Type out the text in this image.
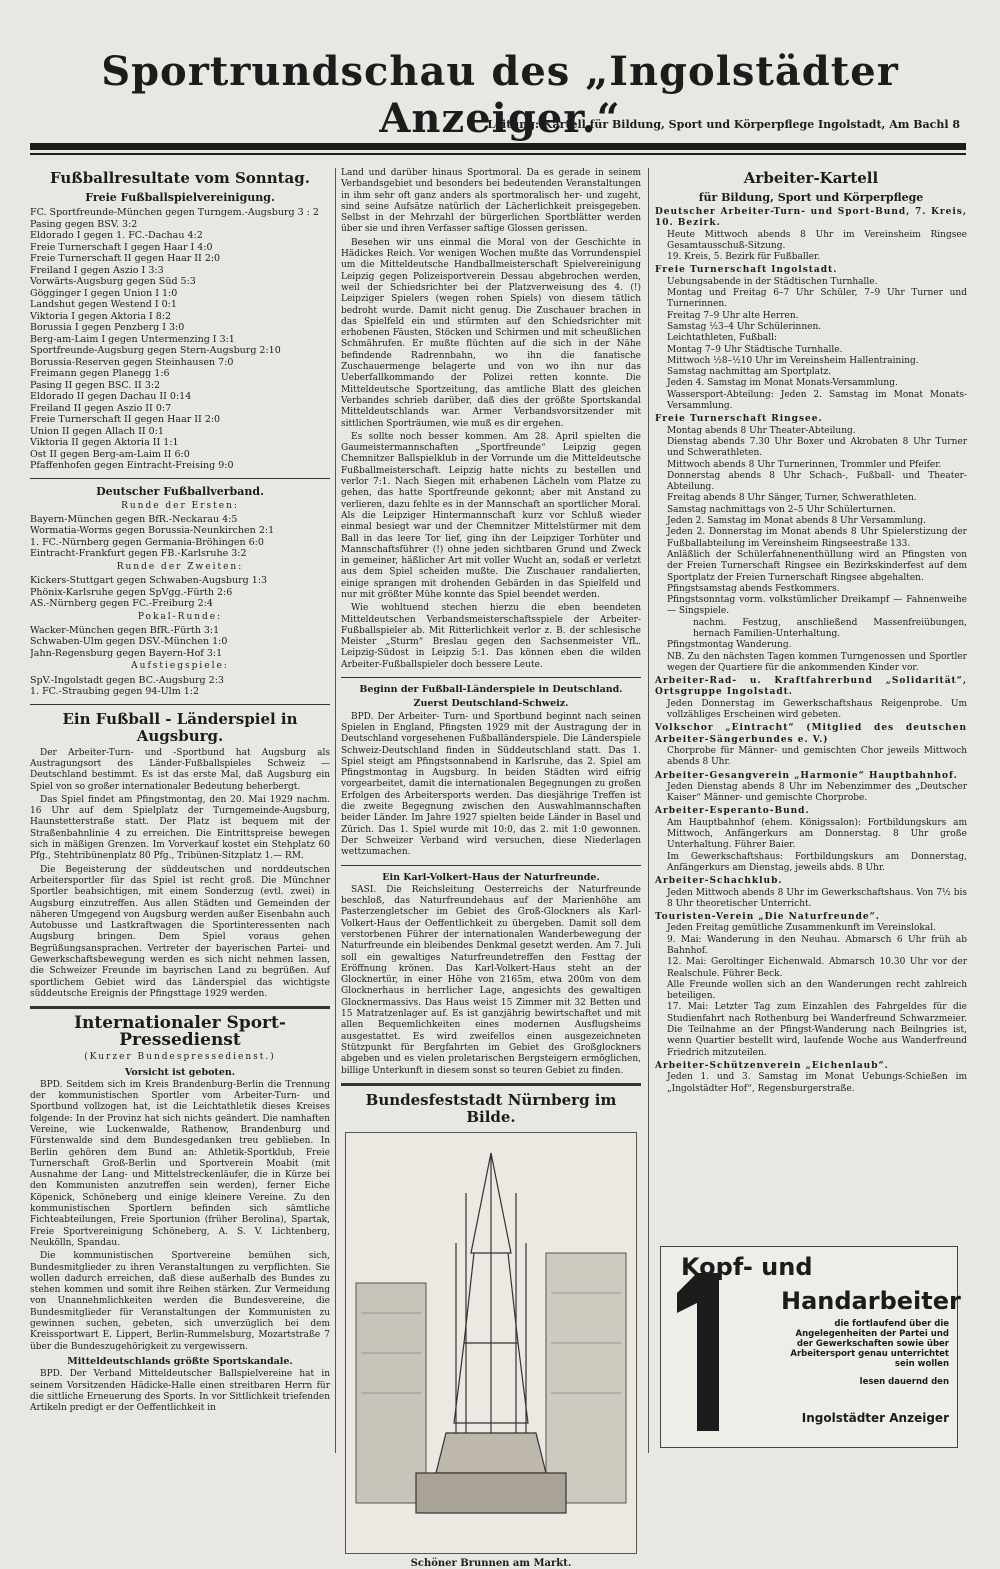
Sportrundschau des „Ingolstädter Anzeiger.“
Leitung: Kartell für Bildung, Sport und Körperpflege Ingolstadt, Am Bachl 8
Fußballresultate vom Sonntag.
Freie Fußballspielvereinigung.
FC. Sportfreunde-München gegen Turngem.-Augsburg 3 : 2
Pasing gegen BSV. 3:2
Eldorado I gegen 1. FC.-Dachau 4:2
Freie Turnerschaft I gegen Haar I 4:0
Freie Turnerschaft II gegen Haar II 2:0
Freiland I gegen Aszio I 3:3
Vorwärts-Augsburg gegen Süd 5:3
Gögginger I gegen Union I 1:0
Landshut gegen Westend I 0:1
Viktoria I gegen Aktoria I 8:2
Borussia I gegen Penzberg I 3:0
Berg-am-Laim I gegen Untermenzing I 3:1
Sportfreunde-Augsburg gegen Stern-Augsburg 2:10
Borussia-Reserven gegen Steinhausen 7:0
Freimann gegen Planegg 1:6
Pasing II gegen BSC. II 3:2
Eldorado II gegen Dachau II 0:14
Freiland II gegen Aszio II 0:7
Freie Turnerschaft II gegen Haar II 2:0
Union II gegen Allach II 0:1
Viktoria II gegen Aktoria II 1:1
Ost II gegen Berg-am-Laim II 6:0
Pfaffenhofen gegen Eintracht-Freising 9:0
Deutscher Fußballverband.
Runde der Ersten:
Bayern-München gegen BfR.-Neckarau 4:5
Wormatia-Worms gegen Borussia-Neunkirchen 2:1
1. FC.-Nürnberg gegen Germania-Bröhingen 6:0
Eintracht-Frankfurt gegen FB.-Karlsruhe 3:2
Runde der Zweiten:
Kickers-Stuttgart gegen Schwaben-Augsburg 1:3
Phönix-Karlsruhe gegen SpVgg.-Fürth 2:6
AS.-Nürnberg gegen FC.-Freiburg 2:4
Pokal-Runde:
Wacker-München gegen BfR.-Fürth 3:1
Schwaben-Ulm gegen DSV.-München 1:0
Jahn-Regensburg gegen Bayern-Hof 3:1
Aufstiegspiele:
SpV.-Ingolstadt gegen BC.-Augsburg 2:3
1. FC.-Straubing gegen 94-Ulm 1:2
Ein Fußball - Länderspiel in Augsburg.

Der Arbeiter-Turn- und -Sportbund hat Augsburg als Austragungsort des Länder-Fußballspieles Schweiz — Deutschland bestimmt. Es ist das erste Mal, daß Augsburg ein Spiel von so großer internationaler Bedeutung beherbergt.

Das Spiel findet am Pfingstmontag, den 20. Mai 1929 nachm. 16 Uhr auf dem Spielplatz der Turngemeinde-Augsburg, Haunstetterstraße statt. Der Platz ist bequem mit der Straßenbahnlinie 4 zu erreichen. Die Eintrittspreise bewegen sich in mäßigen Grenzen. Im Vorverkauf kostet ein Stehplatz 60 Pfg., Stehtribünenplatz 80 Pfg., Tribünen-Sitzplatz 1.— RM.

Die Begeisterung der süddeutschen und norddeutschen Arbeitersportler für das Spiel ist recht groß. Die Münchner Sportler beabsichtigen, mit einem Sonderzug (evtl. zwei) in Augsburg einzutreffen. Aus allen Städten und Gemeinden der näheren Umgegend von Augsburg werden außer Eisenbahn auch Autobusse und Lastkraftwagen die Sportinteressenten nach Augsburg bringen. Dem Spiel voraus gehen Begrüßungsansprachen. Vertreter der bayerischen Partei- und Gewerkschaftsbewegung werden es sich nicht nehmen lassen, die Schweizer Freunde im bayrischen Land zu begrüßen. Auf sportlichem Gebiet wird das Länderspiel das wichtigste süddeutsche Ereignis der Pfingsttage 1929 werden.

Internationaler Sport-Pressedienst
(Kurzer Bundespressedienst.)
Vorsicht ist geboten.

BPD. Seitdem sich im Kreis Brandenburg-Berlin die Trennung der kommunistischen Sportler vom Arbeiter-Turn- und Sportbund vollzogen hat, ist die Leichtathletik dieses Kreises folgende: In der Provinz hat sich nichts geändert. Die namhaften Vereine, wie Luckenwalde, Rathenow, Brandenburg und Fürstenwalde sind dem Bundesgedanken treu geblieben. In Berlin gehören dem Bund an: Athletik-Sportklub, Freie Turnerschaft Groß-Berlin und Sportverein Moabit (mit Ausnahme der Lang- und Mittelstreckenläufer, die in Kürze bei den Kommunisten anzutreffen sein werden), ferner Eiche Köpenick, Schöneberg und einige kleinere Vereine. Zu den kommunistischen Sportlern befinden sich sämtliche Fichteabteilungen, Freie Sportunion (früher Berolina), Spartak, Freie Sportvereinigung Schöneberg, A. S. V. Lichtenberg, Neukölln, Spandau.

Die kommunistischen Sportvereine bemühen sich, Bundesmitglieder zu ihren Veranstaltungen zu verpflichten. Sie wollen dadurch erreichen, daß diese außerhalb des Bundes zu stehen kommen und somit ihre Reihen stärken. Zur Vermeidung von Unannehmlichkeiten werden die Bundesvereine, die Bundesmitglieder für Veranstaltungen der Kommunisten zu gewinnen suchen, gebeten, sich unverzüglich bei dem Kreissportwart E. Lippert, Berlin-Rummelsburg, Mozartstraße 7 über die Bundeszugehörigkeit zu vergewissern.

Mitteldeutschlands größte Sportskandale.

BPD. Der Verband Mitteldeutscher Ballspielvereine hat in seinem Vorsitzenden Hädicke-Halle einen streitbaren Herrn für die sittliche Erneuerung des Sports. In vor Sittlichkeit triefenden Artikeln predigt er der Oeffentlichkeit in

Land und darüber hinaus Sportmoral. Da es gerade in seinem Verbandsgebiet und besonders bei bedeutenden Veranstaltungen in ihm sehr oft ganz anders als sportmoralisch her- und zugeht, sind seine Aufsätze natürlich der Lächerlichkeit preisgegeben. Selbst in der Mehrzahl der bürgerlichen Sportblätter werden über sie und ihren Verfasser saftige Glossen gerissen.

Besehen wir uns einmal die Moral von der Geschichte in Hädickes Reich. Vor wenigen Wochen mußte das Vorrundenspiel um die Mitteldeutsche Handballmeisterschaft Spielvereinigung Leipzig gegen Polizeisportverein Dessau abgebrochen werden, weil der Schiedsrichter bei der Platzverweisung des 4. (!) Leipziger Spielers (wegen rohen Spiels) von diesem tätlich bedroht wurde. Damit nicht genug. Die Zuschauer brachen in das Spielfeld ein und stürmten auf den Schiedsrichter mit erhobenen Fäusten, Stöcken und Schirmen und mit scheußlichen Schmährufen. Er mußte flüchten auf die sich in der Nähe befindende Radrennbahn, wo ihn die fanatische Zuschauermenge belagerte und von wo ihn nur das Ueberfallkommando der Polizei retten konnte. Die Mitteldeutsche Sportzeitung, das amtliche Blatt des gleichen Verbandes schrieb darüber, daß dies der größte Sportskandal Mitteldeutschlands war. Armer Verbandsvorsitzender mit sittlichen Sporträumen, wie muß es dir ergehen.

Es sollte noch besser kommen. Am 28. April spielten die Gaumeistermannschaften „Sportfreunde“ Leipzig gegen Chemnitzer Ballspielklub in der Vorrunde um die Mitteldeutsche Fußballmeisterschaft. Leipzig hatte nichts zu bestellen und verlor 7:1. Nach Siegen mit erhabenen Lächeln vom Platze zu gehen, das hatte Sportfreunde gekonnt; aber mit Anstand zu verlieren, dazu fehlte es in der Mannschaft an sportlicher Moral. Als die Leipziger Hintermannschaft kurz vor Schluß wieder einmal besiegt war und der Chemnitzer Mittelstürmer mit dem Ball in das leere Tor lief, ging ihn der Leipziger Torhüter und Mannschaftsführer (!) ohne jeden sichtbaren Grund und Zweck in gemeiner, häßlicher Art mit voller Wucht an, sodaß er verletzt aus dem Spiel scheiden mußte. Die Zuschauer randalierten, einige sprangen mit drohenden Gebärden in das Spielfeld und nur mit größter Mühe konnte das Spiel beendet werden.

Wie wohltuend stechen hierzu die eben beendeten Mitteldeutschen Verbandsmeisterschaftsspiele der Arbeiter-Fußballspieler ab. Mit Ritterlichkeit verlor z. B. der schlesische Meister „Sturm“ Breslau gegen den Sachsenmeister VfL. Leipzig-Südost in Leipzig 5:1. Das können eben die wilden Arbeiter-Fußballspieler doch bessere Leute.

Beginn der Fußball-Länderspiele in Deutschland.
Zuerst Deutschland-Schweiz.

BPD. Der Arbeiter- Turn- und Sportbund beginnt nach seinen Spielen in England, Pfingsten 1929 mit der Austragung der in Deutschland vorgesehenen Fußballänderspiele. Die Länderspiele Schweiz-Deutschland finden in Süddeutschland statt. Das 1. Spiel steigt am Pfingstsonnabend in Karlsruhe, das 2. Spiel am Pfingstmontag in Augsburg. In beiden Städten wird eifrig vorgearbeitet, damit die internationalen Begegnungen zu großen Erfolgen des Arbeitersports werden. Das diesjährige Treffen ist die zweite Begegnung zwischen den Auswahlmannschaften beider Länder. Im Jahre 1927 spielten beide Länder in Basel und Zürich. Das 1. Spiel wurde mit 10:0, das 2. mit 1:0 gewonnen. Der Schweizer Verband wird versuchen, diese Niederlagen wettzumachen.

Ein Karl-Volkert-Haus der Naturfreunde.

SASI. Die Reichsleitung Oesterreichs der Naturfreunde beschloß, das Naturfreundehaus auf der Marienhöhe am Pasterzengletscher im Gebiet des Groß-Glockners als Karl-Volkert-Haus der Oeffentlichkeit zu übergeben. Damit soll dem verstorbenen Führer der internationalen Wanderbewegung der Naturfreunde ein bleibendes Denkmal gesetzt werden. Am 7. Juli soll ein gewaltiges Naturfreundetreffen den Festtag der Eröffnung krönen. Das Karl-Volkert-Haus steht an der Glocknertür, in einer Höhe von 2165m, etwa 200m von dem Glocknerhaus in herrlicher Lage, angesichts des gewaltigen Glocknermassivs. Das Haus weist 15 Zimmer mit 32 Betten und 15 Matratzenlager auf. Es ist ganzjährig bewirtschaftet und mit allen Bequemlichkeiten eines modernen Ausflugsheims ausgestattet. Es wird zweifellos einen ausgezeichneten Stützpunkt für Bergfahrten im Gebiet des Großglockners abgeben und es vielen proletarischen Bergsteigern ermöglichen, billige Unterkunft in diesem sonst so teuren Gebiet zu finden.

Bundesfeststadt Nürnberg im Bilde.
Schöner Brunnen am Markt.
Arbeiter-Kartell
für Bildung, Sport und Körperpflege
Deutscher Arbeiter-Turn- und Sport-Bund, 7. Kreis, 10. Bezirk.
Heute Mittwoch abends 8 Uhr im Vereinsheim Ringsee Gesamtausschuß-Sitzung.
19. Kreis, 5. Bezirk für Fußballer.
Freie Turnerschaft Ingolstadt.
Uebungsabende in der Städtischen Turnhalle.
Montag und Freitag 6–7 Uhr Schüler, 7–9 Uhr Turner und Turnerinnen.
Freitag 7–9 Uhr alte Herren.
Samstag ½3–4 Uhr Schülerinnen.
Leichtathleten, Fußball:
Montag 7–9 Uhr Städtische Turnhalle.
Mittwoch ½8–½10 Uhr im Vereinsheim Hallentraining.
Samstag nachmittag am Sportplatz.
Jeden 4. Samstag im Monat Monats-Versammlung.
Wassersport-Abteilung: Jeden 2. Samstag im Monat Monats-Versammlung.
Freie Turnerschaft Ringsee.
Montag abends 8 Uhr Theater-Abteilung.
Dienstag abends 7.30 Uhr Boxer und Akrobaten 8 Uhr Turner und Schwerathleten.
Mittwoch abends 8 Uhr Turnerinnen, Trommler und Pfeifer.
Donnerstag abends 8 Uhr Schach-, Fußball- und Theater-Abteilung.
Freitag abends 8 Uhr Sänger, Turner, Schwerathleten.
Samstag nachmittags von 2–5 Uhr Schülerturnen.
Jeden 2. Samstag im Monat abends 8 Uhr Versammlung.
Jeden 2. Donnerstag im Monat abends 8 Uhr Spielerstizung der Fußballabteilung im Vereinsheim Ringseestraße 133.
Anläßlich der Schülerfahnenenthüllung wird an Pfingsten von der Freien Turnerschaft Ringsee ein Bezirkskinderfest auf dem Sportplatz der Freien Turnerschaft Ringsee abgehalten.
Pfingstsamstag abends Festkommers.
Pfingstsonntag vorm. volkstümlicher Dreikampf — Fahnenweihe — Singspiele.
nachm. Festzug, anschließend Massenfreiübungen, hernach Familien-Unterhaltung.
Pfingstmontag Wanderung.
NB. Zu den nächsten Tagen kommen Turngenossen und Sportler wegen der Quartiere für die ankommenden Kinder vor.
Arbeiter-Rad- u. Kraftfahrerbund „Solidarität“, Ortsgruppe Ingolstadt.
Jeden Donnerstag im Gewerkschaftshaus Reigenprobe. Um vollzähliges Erscheinen wird gebeten.
Volkschor „Eintracht“ (Mitglied des deutschen Arbeiter-Sängerbundes e. V.)
Chorprobe für Männer- und gemischten Chor jeweils Mittwoch abends 8 Uhr.
Arbeiter-Gesangverein „Harmonie“ Hauptbahnhof.
Jeden Dienstag abends 8 Uhr im Nebenzimmer des „Deutscher Kaiser“ Männer- und gemischte Chorprobe.
Arbeiter-Esperanto-Bund.
Am Hauptbahnhof (ehem. Königssalon): Fortbildungskurs am Mittwoch, Anfängerkurs am Donnerstag. 8 Uhr große Unterhaltung. Führer Baier.
Im Gewerkschaftshaus: Fortbildungskurs am Donnerstag, Anfängerkurs am Dienstag, jeweils abds. 8 Uhr.
Arbeiter-Schachklub.
Jeden Mittwoch abends 8 Uhr im Gewerkschaftshaus. Von 7½ bis 8 Uhr theoretischer Unterricht.
Touristen-Verein „Die Naturfreunde“.
Jeden Freitag gemütliche Zusammenkunft im Vereinslokal.
9. Mai: Wanderung in den Neuhau. Abmarsch 6 Uhr früh ab Bahnhof.
12. Mai: Geroltinger Eichenwald. Abmarsch 10.30 Uhr vor der Realschule. Führer Beck.
Alle Freunde wollen sich an den Wanderungen recht zahlreich beteiligen.
17. Mai: Letzter Tag zum Einzahlen des Fahrgeldes für die Studienfahrt nach Rothenburg bei Wanderfreund Schwarzmeier. Die Teilnahme an der Pfingst-Wanderung nach Beilngries ist, wenn Quartier bestellt wird, laufende Woche aus Wanderfreund Friedrich mitzuteilen.
Arbeiter-Schützenverein „Eichenlaub“.
Jeden 1. und 3. Samstag im Monat Uebungs-Schießen im „Ingolstädter Hof“, Regensburgerstraße.
Kopf- und
Handarbeiter
die fortlaufend über die Angelegenheiten der Partei und der Gewerkschaften sowie über Arbeitersport genau unterrichtet sein wollen
lesen dauernd den
Ingolstädter Anzeiger
